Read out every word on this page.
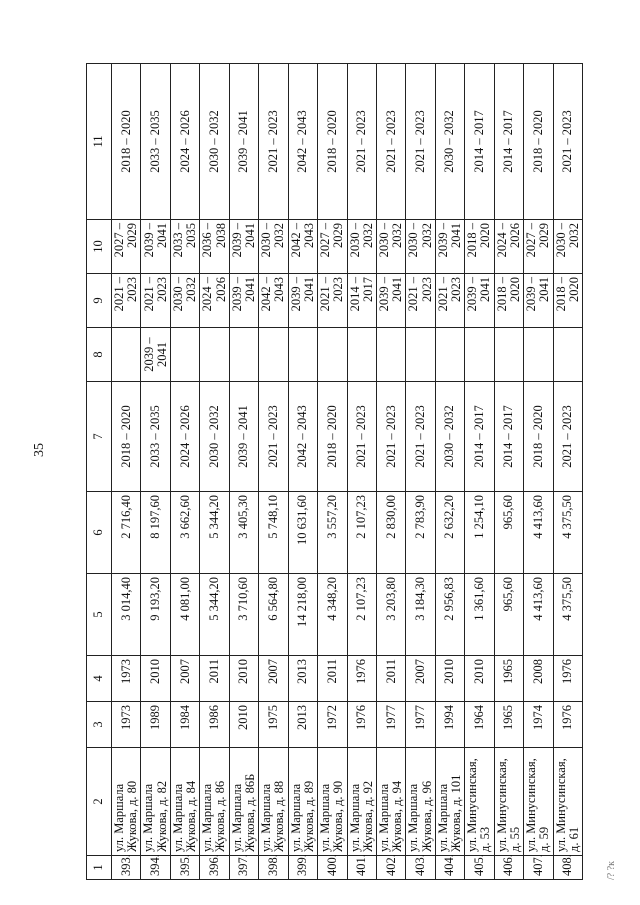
35
/? ?к
1	2	3	4	5	6	7	8	9	10	11
393.	ул. Маршала Жукова, д. 80	1973	1973	3 014,40	2 716,40	2018 – 2020		2021 – 2023	2027 – 2029	2018 – 2020
394.	ул. Маршала Жукова, д. 82	1989	2010	9 193,20	8 197,60	2033 – 2035	2039 – 2041	2021 – 2023	2039 – 2041	2033 – 2035
395.	ул. Маршала Жукова, д. 84	1984	2007	4 081,00	3 662,60	2024 – 2026		2030 – 2032	2033 – 2035	2024 – 2026
396.	ул. Маршала Жукова, д. 86	1986	2011	5 344,20	5 344,20	2030 – 2032		2024 – 2026	2036 – 2038	2030 – 2032
397.	ул. Маршала Жукова, д. 86Б	2010	2010	3 710,60	3 405,30	2039 – 2041		2039 – 2041	2039 – 2041	2039 – 2041
398.	ул. Маршала Жукова, д. 88	1975	2007	6 564,80	5 748,10	2021 – 2023		2042 – 2043	2030 – 2032	2021 – 2023
399.	ул. Маршала Жукова, д. 89	2013	2013	14 218,00	10 631,60	2042 – 2043		2039 – 2041	2042 – 2043	2042 – 2043
400.	ул. Маршала Жукова, д. 90	1972	2011	4 348,20	3 557,20	2018 – 2020		2021 – 2023	2027 – 2029	2018 – 2020
401.	ул. Маршала Жукова, д. 92	1976	1976	2 107,23	2 107,23	2021 – 2023		2014 – 2017	2030 – 2032	2021 – 2023
402.	ул. Маршала Жукова, д. 94	1977	2011	3 203,80	2 830,00	2021 – 2023		2039 – 2041	2030 – 2032	2021 – 2023
403.	ул. Маршала Жукова, д. 96	1977	2007	3 184,30	2 783,90	2021 – 2023		2021 – 2023	2030 – 2032	2021 – 2023
404.	ул. Маршала Жукова, д. 101	1994	2010	2 956,83	2 632,20	2030 – 2032		2021 – 2023	2039 – 2041	2030 – 2032
405.	ул. Минусинская, д. 53	1964	2010	1 361,60	1 254,10	2014 – 2017		2039 – 2041	2018 – 2020	2014 – 2017
406.	ул. Минусинская, д. 55	1965	1965	965,60	965,60	2014 – 2017		2018 – 2020	2024 – 2026	2014 – 2017
407.	ул. Минусинская, д. 59	1974	2008	4 413,60	4 413,60	2018 – 2020		2039 – 2041	2027 – 2029	2018 – 2020
408.	ул. Минусинская, д. 61	1976	1976	4 375,50	4 375,50	2021 – 2023		2018 – 2020	2030 – 2032	2021 – 2023
